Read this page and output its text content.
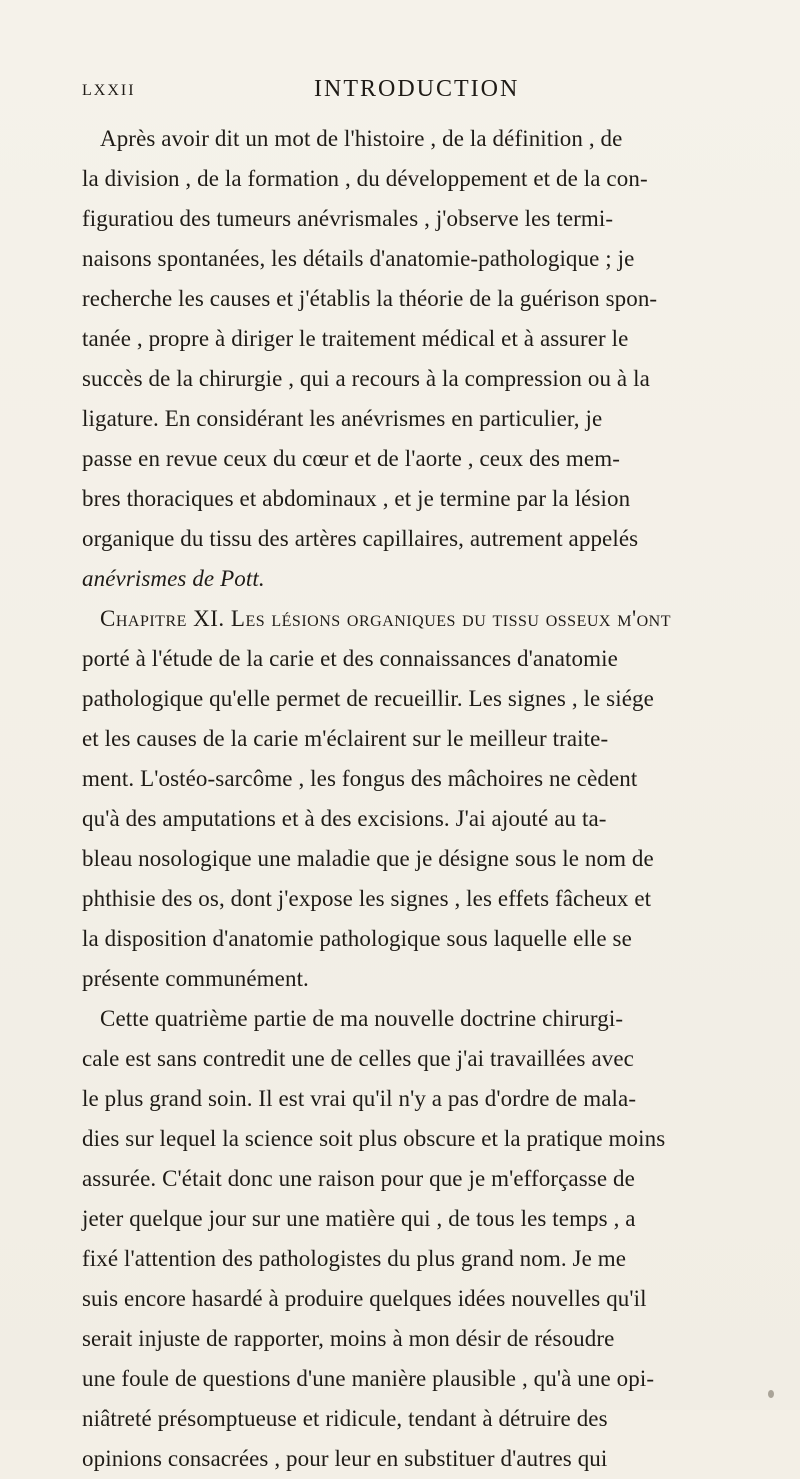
LXXII	INTRODUCTION
Après avoir dit un mot de l'histoire , de la définition , de
la division , de la formation , du développement et de la con-
figuratiou des tumeurs anévrismales , j'observe les termi-
naisons spontanées, les détails d'anatomie-pathologique ; je
recherche les causes et j'établis la théorie de la guérison spon-
tanée , propre à diriger le traitement médical et à assurer le
succès de la chirurgie , qui a recours à la compression ou à la
ligature. En considérant les anévrismes en particulier, je
passe en revue ceux du cœur et de l'aorte , ceux des mem-
bres thoraciques et abdominaux , et je termine par la lésion
organique du tissu des artères capillaires, autrement appelés
anévrismes de Pott.
Chapitre XI. Les lésions organiques du tissu osseux m'ont
porté à l'étude de la carie et des connaissances d'anatomie
pathologique qu'elle permet de recueillir. Les signes , le siége
et les causes de la carie m'éclairent sur le meilleur traite-
ment. L'ostéo-sarcôme , les fongus des mâchoires ne cèdent
qu'à des amputations et à des excisions. J'ai ajouté au ta-
bleau nosologique une maladie que je désigne sous le nom de
phthisie des os, dont j'expose les signes , les effets fâcheux et
la disposition d'anatomie pathologique sous laquelle elle se
présente communément.
Cette quatrième partie de ma nouvelle doctrine chirurgi-
cale est sans contredit une de celles que j'ai travaillées avec
le plus grand soin. Il est vrai qu'il n'y a pas d'ordre de mala-
dies sur lequel la science soit plus obscure et la pratique moins
assurée. C'était donc une raison pour que je m'efforçasse de
jeter quelque jour sur une matière qui , de tous les temps , a
fixé l'attention des pathologistes du plus grand nom. Je me
suis encore hasardé à produire quelques idées nouvelles qu'il
serait injuste de rapporter, moins à mon désir de résoudre
une foule de questions d'une manière plausible , qu'à une opi-
niâtreté présomptueuse et ridicule, tendant à détruire des
opinions consacrées , pour leur en substituer d'autres qui
